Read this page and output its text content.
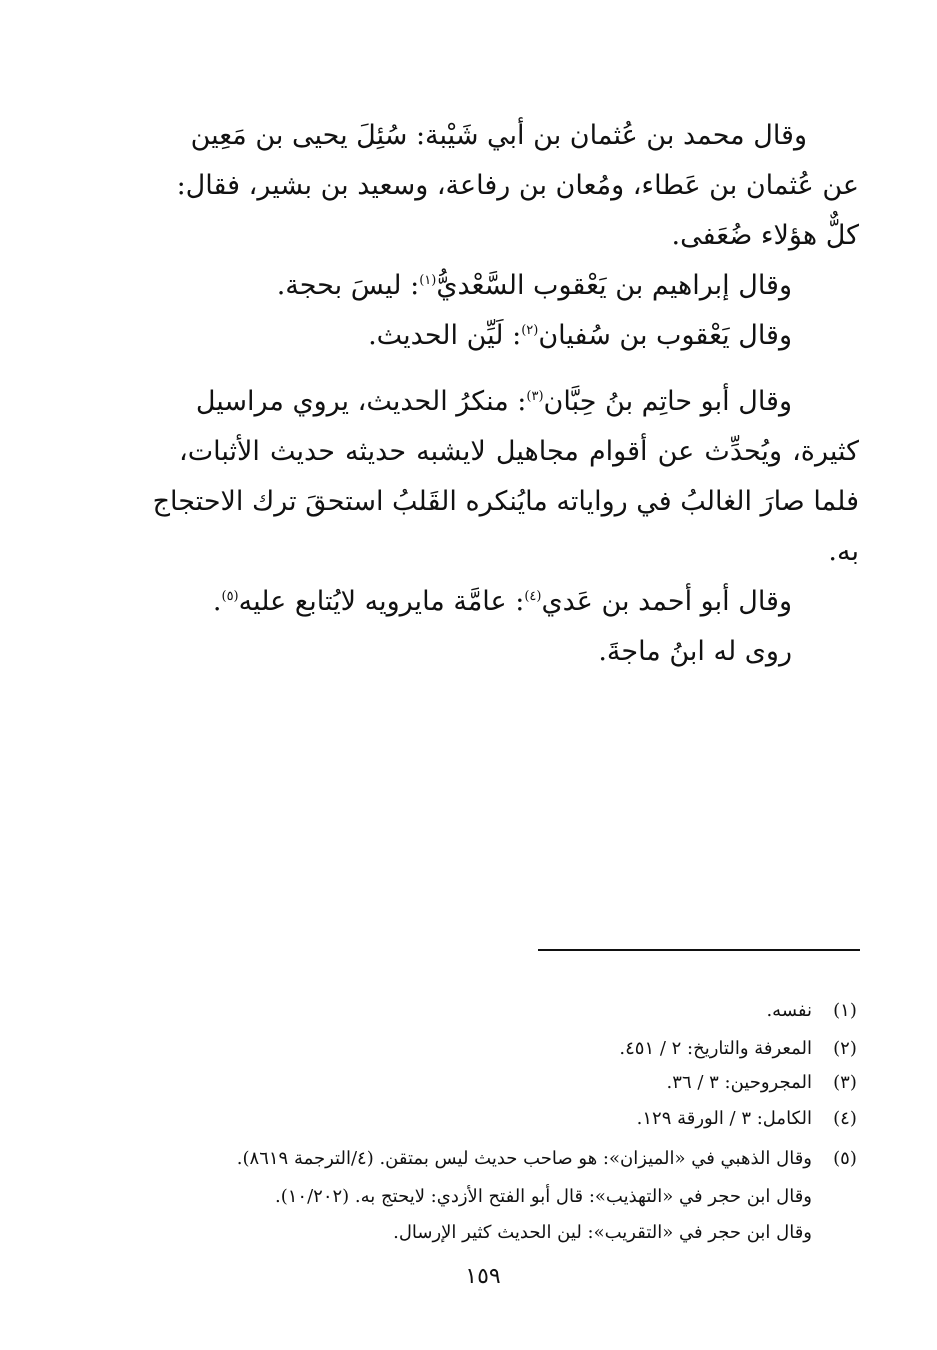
وقال محمد بن عُثمان بن أبي شَيْبة: سُئِلَ يحيى بن مَعِين
عن عُثمان بن عَطاء، ومُعان بن رفاعة، وسعيد بن بشير، فقال:
كلٌّ هؤلاء ضُعَفى.
وقال إبراهيم بن يَعْقوب السَّعْديُّ$^{(١)}$: ليسَ بحجة.
وقال يَعْقوب بن سُفيان$^{(٢)}$: لَيِّن الحديث.
وقال أبو حاتِم بنُ حِبَّان$^{(٣)}$: منكرُ الحديث، يروي مراسيل
كثيرة، ويُحدِّث عن أقوام مجاهيل لايشبه حديثه حديث الأثبات،
فلما صارَ الغالبُ في رواياته مايُنكره القَلبُ استحقَ ترك الاحتجاج
به.
وقال أبو أحمد بن عَدي$^{(٤)}$: عامَّة مايرويه لايُتابع عليه$^{(٥)}$.
روى له ابنُ ماجةَ.
(١)
نفسه.
(٢)
المعرفة والتاريخ: ٢ / ٤٥١.
(٣)
المجروحين: ٣ / ٣٦.
(٤)
الكامل: ٣ / الورقة ١٢٩.
(٥)
وقال الذهبي في «الميزان»: هو صاحب حديث ليس بمتقن. (٤/الترجمة ٨٦١٩).
وقال ابن حجر في «التهذيب»: قال أبو الفتح الأزدي: لايحتج به. (١٠/٢٠٢).
وقال ابن حجر في «التقريب»: لين الحديث كثير الإرسال.
١٥٩
